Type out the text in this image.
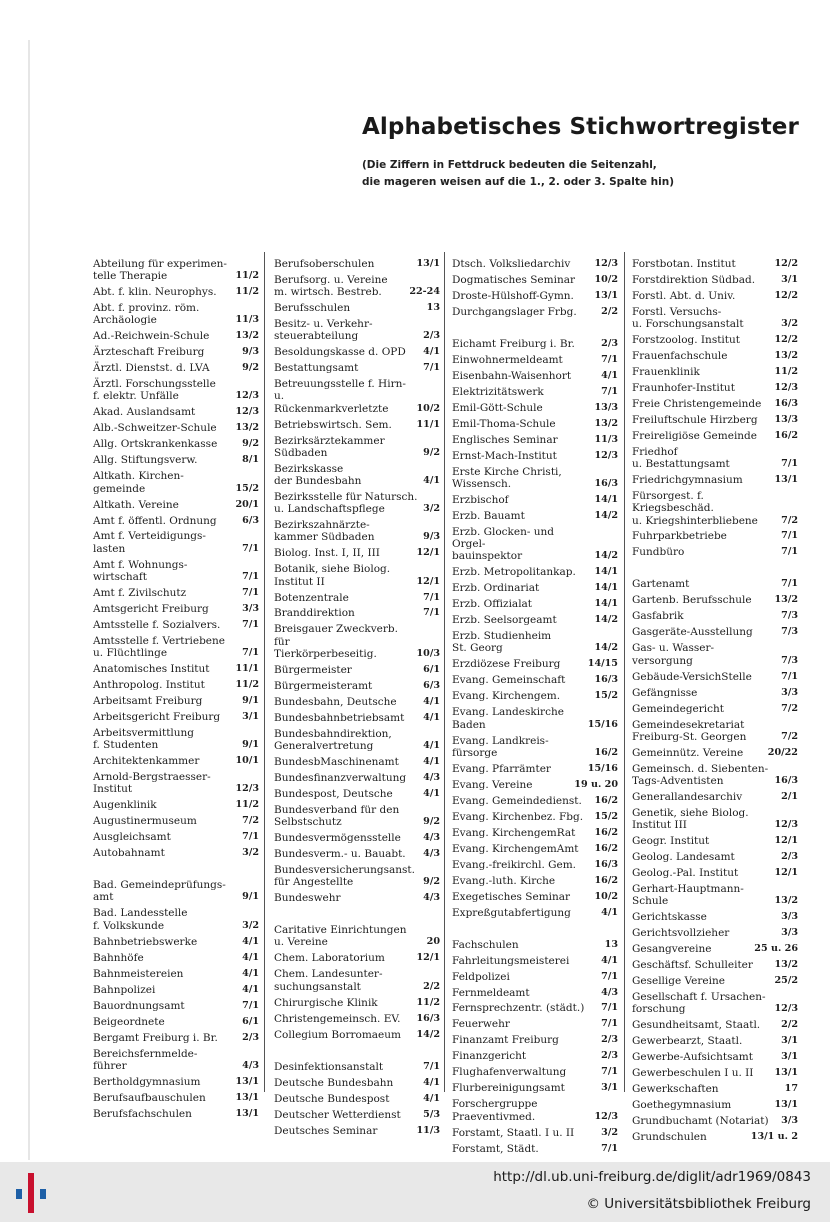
Alphabetisches Stichwortregister
(Die Ziffern in Fettdruck bedeuten die Seitenzahl,
die mageren weisen auf die 1., 2. oder 3. Spalte hin)
Abteilung für experimen-
telle Therapie	11/2
Abt. f. klin. Neurophys.	11/2
Abt. f. provinz. röm.
Archäologie	11/3
Ad.-Reichwein-Schule	13/2
Ärzteschaft Freiburg	9/3
Ärztl. Dienstst. d. LVA	9/2
Ärztl. Forschungsstelle
f. elektr. Unfälle	12/3
Akad. Auslandsamt	12/3
Alb.-Schweitzer-Schule	13/2
Allg. Ortskrankenkasse	9/2
Allg. Stiftungsverw.	8/1
Altkath. Kirchen-
gemeinde	15/2
Altkath. Vereine	20/1
Amt f. öffentl. Ordnung	6/3
Amt f. Verteidigungs-
lasten	7/1
Amt f. Wohnungs-
wirtschaft	7/1
Amt f. Zivilschutz	7/1
Amtsgericht Freiburg	3/3
Amtsstelle f. Sozialvers.	7/1
Amtsstelle f. Vertriebene
u. Flüchtlinge	7/1
Anatomisches Institut	11/1
Anthropolog. Institut	11/2
Arbeitsamt Freiburg	9/1
Arbeitsgericht Freiburg	3/1
Arbeitsvermittlung
f. Studenten	9/1
Architektenkammer	10/1
Arnold-Bergstraesser-
Institut	12/3
Augenklinik	11/2
Augustinermuseum	7/2
Ausgleichsamt	7/1
Autobahnamt	3/2
Bad. Gemeindeprüfungs-
amt	9/1
Bad. Landesstelle
f. Volkskunde	3/2
Bahnbetriebswerke	4/1
Bahnhöfe	4/1
Bahnmeistereien	4/1
Bahnpolizei	4/1
Bauordnungsamt	7/1
Beigeordnete	6/1
Bergamt Freiburg i. Br.	2/3
Bereichsfernmelde-
führer	4/3
Bertholdgymnasium	13/1
Berufsaufbauschulen	13/1
Berufsfachschulen	13/1
Berufsoberschulen	13/1
Berufsorg. u. Vereine
m. wirtsch. Bestreb.	22-24
Berufsschulen	13
Besitz- u. Verkehr-
steuerabteilung	2/3
Besoldungskasse d. OPD	4/1
Bestattungsamt	7/1
Betreuungsstelle f. Hirn- u.
Rückenmarkverletzte	10/2
Betriebswirtsch. Sem.	11/1
Bezirksärztekammer
Südbaden	9/2
Bezirkskasse
der Bundesbahn	4/1
Bezirksstelle für Natursch.
u. Landschaftspflege	3/2
Bezirkszahnärzte-
kammer Südbaden	9/3
Biolog. Inst. I, II, III	12/1
Botanik, siehe Biolog.
Institut II	12/1
Botenzentrale	7/1
Branddirektion	7/1
Breisgauer Zweckverb. für
Tierkörperbeseitig.	10/3
Bürgermeister	6/1
Bürgermeisteramt	6/3
Bundesbahn, Deutsche	4/1
Bundesbahnbetriebsamt	4/1
Bundesbahndirektion,
Generalvertretung	4/1
BundesbMaschinenamt	4/1
Bundesfinanzverwaltung	4/3
Bundespost, Deutsche	4/1
Bundesverband für den
Selbstschutz	9/2
Bundesvermögensstelle	4/3
Bundesverm.- u. Bauabt.	4/3
Bundesversicherungsanst.
für Angestellte	9/2
Bundeswehr	4/3
Caritative Einrichtungen
u. Vereine	20
Chem. Laboratorium	12/1
Chem. Landesunter-
suchungsanstalt	2/2
Chirurgische Klinik	11/2
Christengemeinsch. EV.	16/3
Collegium Borromaeum	14/2
Desinfektionsanstalt	7/1
Deutsche Bundesbahn	4/1
Deutsche Bundespost	4/1
Deutscher Wetterdienst	5/3
Deutsches Seminar	11/3
Dtsch. Volksliedarchiv	12/3
Dogmatisches Seminar	10/2
Droste-Hülshoff-Gymn.	13/1
Durchgangslager Frbg.	2/2
Eichamt Freiburg i. Br.	2/3
Einwohnermeldeamt	7/1
Eisenbahn-Waisenhort	4/1
Elektrizitätswerk	7/1
Emil-Gött-Schule	13/3
Emil-Thoma-Schule	13/2
Englisches Seminar	11/3
Ernst-Mach-Institut	12/3
Erste Kirche Christi,
Wissensch.	16/3
Erzbischof	14/1
Erzb. Bauamt	14/2
Erzb. Glocken- und Orgel-
bauinspektor	14/2
Erzb. Metropolitankap.	14/1
Erzb. Ordinariat	14/1
Erzb. Offizialat	14/1
Erzb. Seelsorgeamt	14/2
Erzb. Studienheim
St. Georg	14/2
Erzdiözese Freiburg	14/15
Evang. Gemeinschaft	16/3
Evang. Kirchengem.	15/2
Evang. Landeskirche
Baden	15/16
Evang. Landkreis-
fürsorge	16/2
Evang. Pfarrämter	15/16
Evang. Vereine	19 u. 20
Evang. Gemeindedienst.	16/2
Evang. Kirchenbez. Fbg.	15/2
Evang. KirchengemRat	16/2
Evang. KirchengemAmt	16/2
Evang.-freikirchl. Gem.	16/3
Evang.-luth. Kirche	16/2
Exegetisches Seminar	10/2
Expreßgutabfertigung	4/1
Fachschulen	13
Fahrleitungsmeisterei	4/1
Feldpolizei	7/1
Fernmeldeamt	4/3
Fernsprechzentr. (städt.)	7/1
Feuerwehr	7/1
Finanzamt Freiburg	2/3
Finanzgericht	2/3
Flughafenverwaltung	7/1
Flurbereinigungsamt	3/1
Forschergruppe
Praeventivmed.	12/3
Forstamt, Staatl. I u. II	3/2
Forstamt, Städt.	7/1
Forstbotan. Institut	12/2
Forstdirektion Südbad.	3/1
Forstl. Abt. d. Univ.	12/2
Forstl. Versuchs-
u. Forschungsanstalt	3/2
Forstzoolog. Institut	12/2
Frauenfachschule	13/2
Frauenklinik	11/2
Fraunhofer-Institut	12/3
Freie Christengemeinde	16/3
Freiluftschule Hirzberg	13/3
Freireligiöse Gemeinde	16/2
Friedhof
u. Bestattungsamt	7/1
Friedrichgymnasium	13/1
Fürsorgest. f. Kriegsbeschäd.
u. Kriegshinterbliebene	7/2
Fuhrparkbetriebe	7/1
Fundbüro	7/1
Gartenamt	7/1
Gartenb. Berufsschule	13/2
Gasfabrik	7/3
Gasgeräte-Ausstellung	7/3
Gas- u. Wasser-
versorgung	7/3
Gebäude-VersichStelle	7/1
Gefängnisse	3/3
Gemeindegericht	7/2
Gemeindesekretariat
Freiburg-St. Georgen	7/2
Gemeinnütz. Vereine	20/22
Gemeinsch. d. Siebenten-
Tags-Adventisten	16/3
Generallandesarchiv	2/1
Genetik, siehe Biolog.
Institut III	12/3
Geogr. Institut	12/1
Geolog. Landesamt	2/3
Geolog.-Pal. Institut	12/1
Gerhart-Hauptmann-
Schule	13/2
Gerichtskasse	3/3
Gerichtsvollzieher	3/3
Gesangvereine	25 u. 26
Geschäftsf. Schulleiter	13/2
Gesellige Vereine	25/2
Gesellschaft f. Ursachen-
forschung	12/3
Gesundheitsamt, Staatl.	2/2
Gewerbearzt, Staatl.	3/1
Gewerbe-Aufsichtsamt	3/1
Gewerbeschulen I u. II	13/1
Gewerkschaften	17
Goethegymnasium	13/1
Grundbuchamt (Notariat)	3/3
Grundschulen	13/1 u. 2
http://dl.ub.uni-freiburg.de/diglit/adr1969/0843
© Universitätsbibliothek Freiburg
